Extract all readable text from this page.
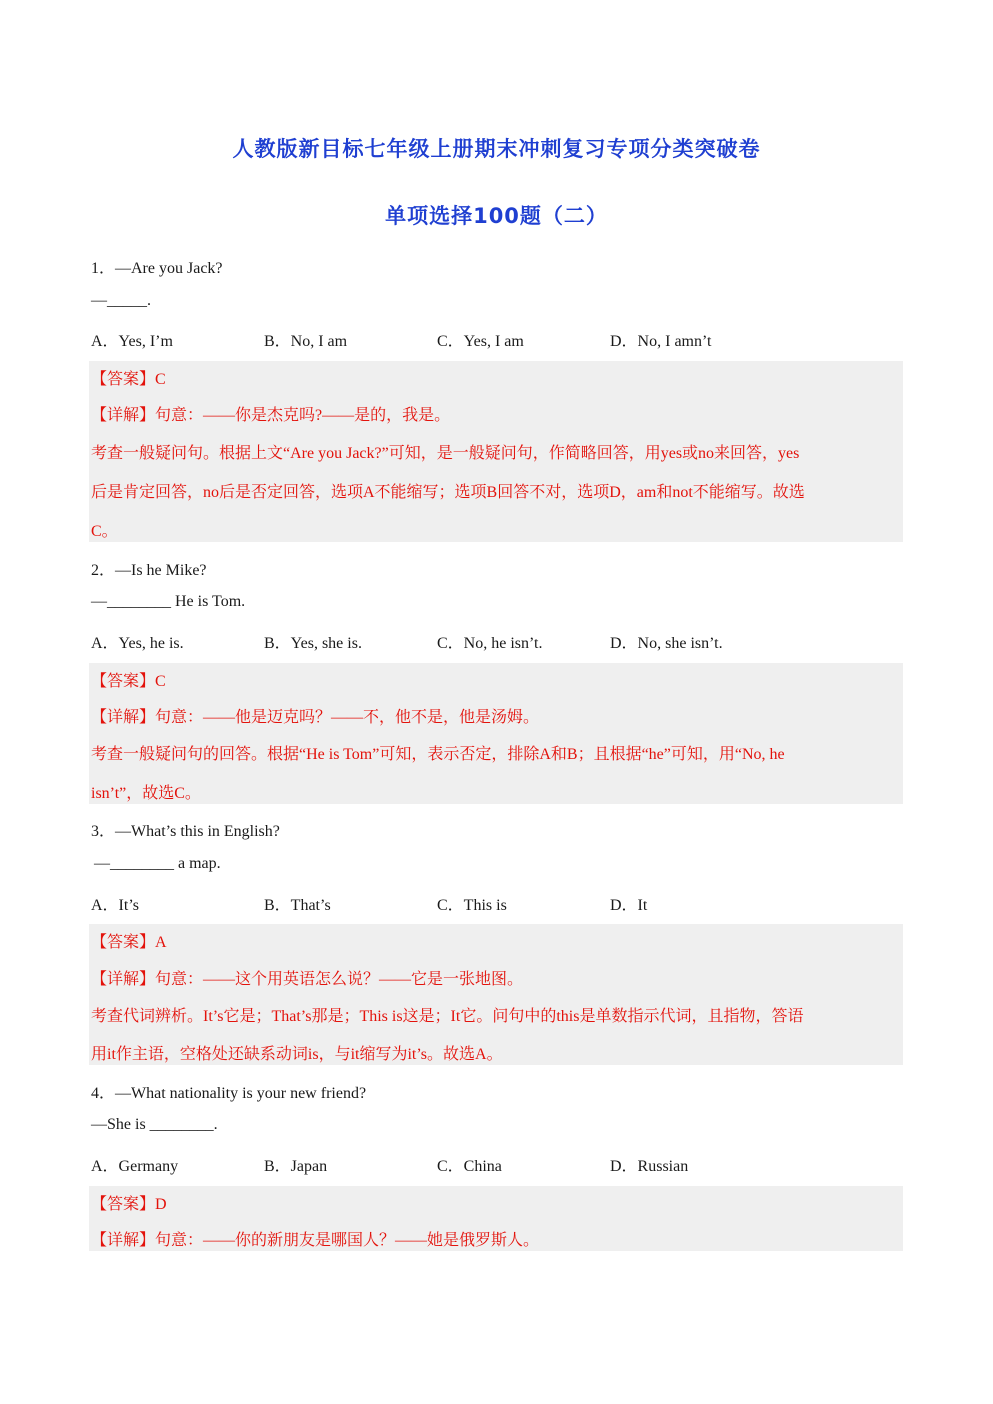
人教版新目标七年级上册期末冲刺复习专项分类突破卷
单项选择100题（二）
1．—Are you Jack?
—_____.
A．Yes, I’m	B．No, I am	C．Yes, I am	D．No, I amn’t
【答案】C
【详解】句意：——你是杰克吗?——是的，我是。
考查一般疑问句。根据上文“Are you Jack?”可知，是一般疑问句，作简略回答，用yes或no来回答，yes
后是肯定回答，no后是否定回答，选项A不能缩写；选项B回答不对，选项D，am和not不能缩写。故选
C。
2．—Is he Mike?
—________ He is Tom.
A．Yes, he is.	B．Yes, she is.	C．No, he isn’t.	D．No, she isn’t.
【答案】C
【详解】句意：——他是迈克吗？——不，他不是，他是汤姆。
考查一般疑问句的回答。根据“He is Tom”可知，表示否定，排除A和B；且根据“he”可知，用“No, he
isn’t”，故选C。
3．—What’s this in English?
—________ a map.
A．It’s	B．That’s	C．This is	D．It
【答案】A
【详解】句意：——这个用英语怎么说？——它是一张地图。
考查代词辨析。It’s它是；That’s那是；This is这是；It它。问句中的this是单数指示代词，且指物，答语
用it作主语，空格处还缺系动词is，与it缩写为it’s。故选A。
4．—What nationality is your new friend?
—She is ________.
A．Germany	B．Japan	C．China	D．Russian
【答案】D
【详解】句意：——你的新朋友是哪国人？——她是俄罗斯人。
